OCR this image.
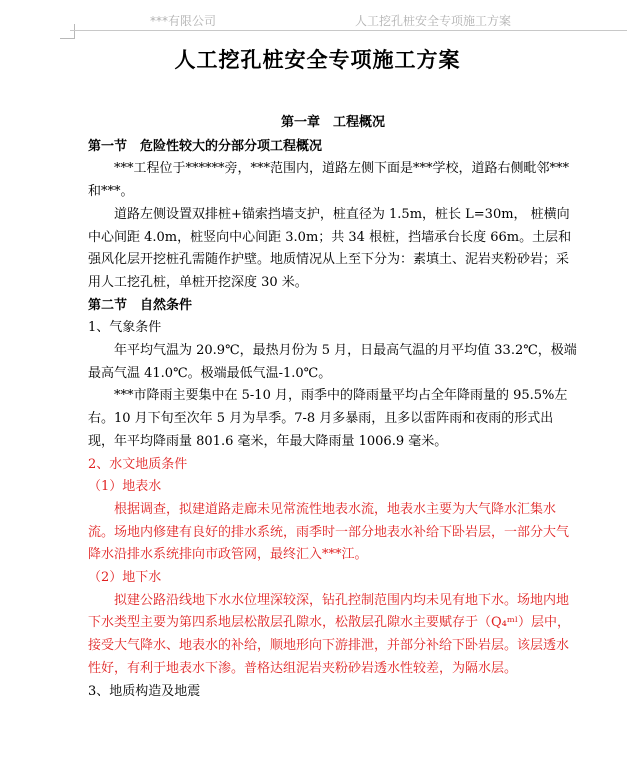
***有限公司	人工挖孔桩安全专项施工方案
人工挖孔桩安全专项施工方案
第一章　工程概况
第一节　危险性较大的分部分项工程概况
***工程位于******旁，***范围内，道路左侧下面是***学校，道路右侧毗邻***和***。
道路左侧设置双排桩+锚索挡墙支护，桩直径为 1.5m，桩长 L=30m， 桩横向中心间距 4.0m，桩竖向中心间距 3.0m；共 34 根桩，挡墙承台长度 66m。土层和强风化层开挖桩孔需随作护壁。地质情况从上至下分为：素填土、泥岩夹粉砂岩；采用人工挖孔桩，单桩开挖深度 30 米。
第二节　自然条件
1、气象条件
年平均气温为 20.9℃，最热月份为 5 月，日最高气温的月平均值 33.2℃，极端最高气温 41.0℃。极端最低气温-1.0℃。
***市降雨主要集中在 5-10 月，雨季中的降雨量平均占全年降雨量的 95.5%左右。10 月下旬至次年 5 月为旱季。7-8 月多暴雨，且多以雷阵雨和夜雨的形式出现，年平均降雨量 801.6 毫米，年最大降雨量 1006.9 毫米。
2、水文地质条件
（1）地表水
根据调查，拟建道路走廊未见常流性地表水流，地表水主要为大气降水汇集水流。场地内修建有良好的排水系统，雨季时一部分地表水补给下卧岩层，一部分大气降水沿排水系统排向市政管网，最终汇入***江。
（2）地下水
拟建公路沿线地下水水位埋深较深，钻孔控制范围内均未见有地下水。场地内地下水类型主要为第四系地层松散层孔隙水，松散层孔隙水主要赋存于（Q₄ᵐˡ）层中，接受大气降水、地表水的补给，顺地形向下游排泄，并部分补给下卧岩层。该层透水性好，有利于地表水下渗。普格达组泥岩夹粉砂岩透水性较差，为隔水层。
3、地质构造及地震
